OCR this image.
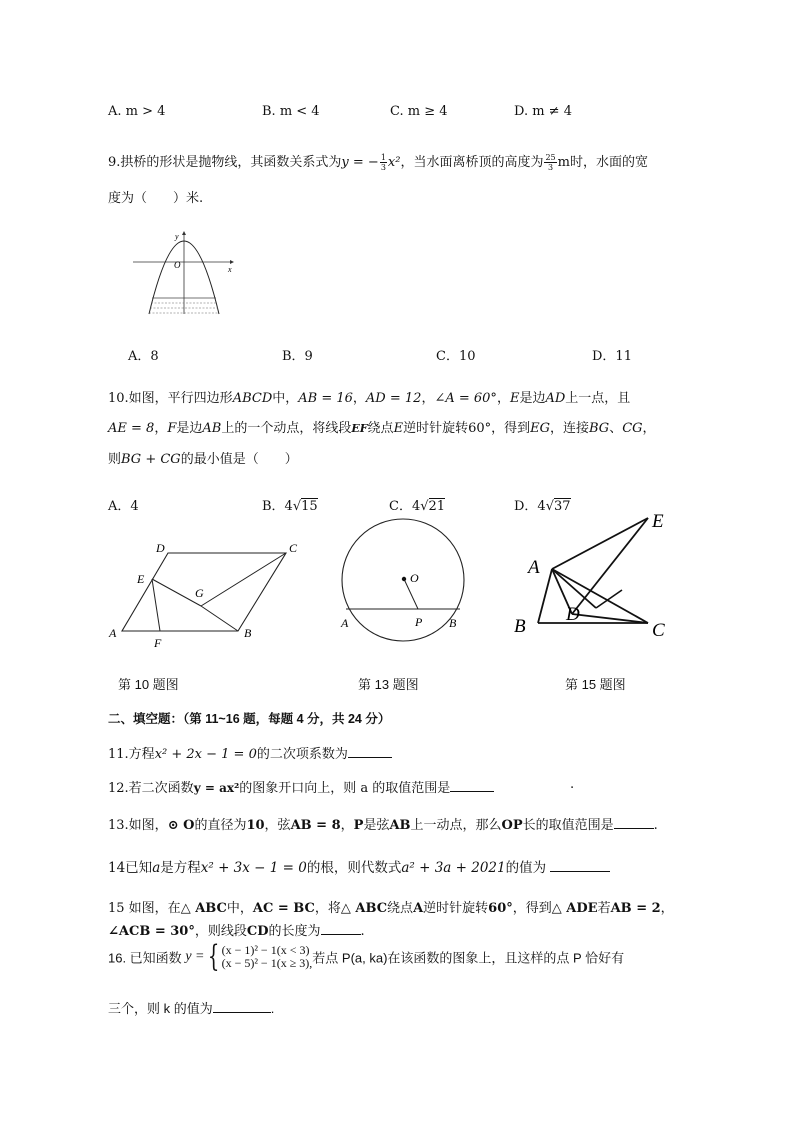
A. m > 4	B. m < 4	C. m ≥ 4	D. m ≠ 4
9.拱桥的形状是抛物线，其函数关系式为y = − $\frac{1}{3} x^2$，当水面离桥顶的高度为 $\frac{25}{3}$ m时，水面的宽
度为（　　）米.
y
x
O
A．8	B．9	C．10	D．11
10.如图，平行四边形ABCD中，AB = 16，AD = 12，∠A = 60°，E是边AD上一点，且
AE = 8，F是边AB上的一个动点，将线段EF绕点E逆时针旋转60°，得到EG，连接BG、CG，
则BG + CG的最小值是（　　）
A．4	B．4√15	C．4√21	D．4√37
A	B
C
D
E
F
G
O
A	P B
A
B	C
D
E
第 10 题图	第 13 题图	第 15 题图
二、填空题：（第 11~16 题，每题 4 分，共 24 分）
11.方程x² + 2x − 1 = 0的二次项系数为
12.若二次函数y = ax²的图象开口向上，则 a 的取值范围是	.
13.如图，⊙ O的直径为10，弦AB = 8，P是弦AB上一动点，那么OP长的取值范围是	.
14已知a是方程x² + 3x − 1 = 0的根，则代数式a² + 3a + 2021的值为
15 如图，在△ ABC中，AC = BC，将△ ABC绕点A逆时针旋转60°，得到△ ADE若AB = 2，
∠ACB = 30°，则线段CD的长度为	.
16. 已知函数 y = { (x − 1)² − 1(x < 3)
(x − 5)² − 1(x ≥ 3), 若点 P(a, ka)在该函数的图象上，且这样的点 P 恰好有
三个，则 k 的值为	.
